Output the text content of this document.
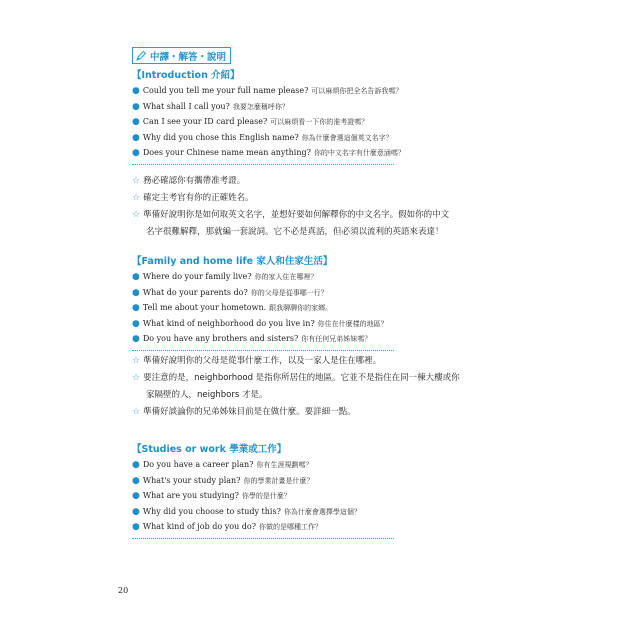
中譯・解答・說明
【Introduction 介紹】
● Could you tell me your full name please? 可以麻煩你把全名告訴我嗎？
● What shall I call you? 我要怎麼稱呼你？
● Can I see your ID card please? 可以麻煩看一下你的准考證嗎？
● Why did you chose this English name? 你為什麼會選這個英文名字？
● Does your Chinese name mean anything? 你的中文名字有什麼意涵嗎？
☆ 務必確認你有攜帶准考證。
☆ 確定主考官有你的正確姓名。
☆ 準備好說明你是如何取英文名字，並想好要如何解釋你的中文名字。假如你的中文
名字很難解釋，那就編一套說詞。它不必是真話，但必須以流利的英語來表達！
【Family and home life 家人和住家生活】
● Where do your family live? 你的家人住在哪裡？
● What do your parents do? 你的父母是從事哪一行？
● Tell me about your hometown. 跟我聊聊你的家鄉。
● What kind of neighborhood do you live in? 你住在什麼樣的地區？
● Do you have any brothers and sisters? 你有任何兄弟姊妹嗎？
☆ 準備好說明你的父母是從事什麼工作，以及一家人是住在哪裡。
☆ 要注意的是，neighborhood 是指你所居住的地區。它並不是指住在同一棟大樓或你
家隔壁的人，neighbors 才是。
☆ 準備好談論你的兄弟姊妹目前是在做什麼。要詳細一點。
【Studies or work 學業或工作】
● Do you have a career plan? 你有生涯規劃嗎？
● What's your study plan? 你的學業計畫是什麼？
● What are you studying? 你學的是什麼？
● Why did you choose to study this? 你為什麼會選擇學這個？
● What kind of job do you do? 你做的是哪種工作？
20
